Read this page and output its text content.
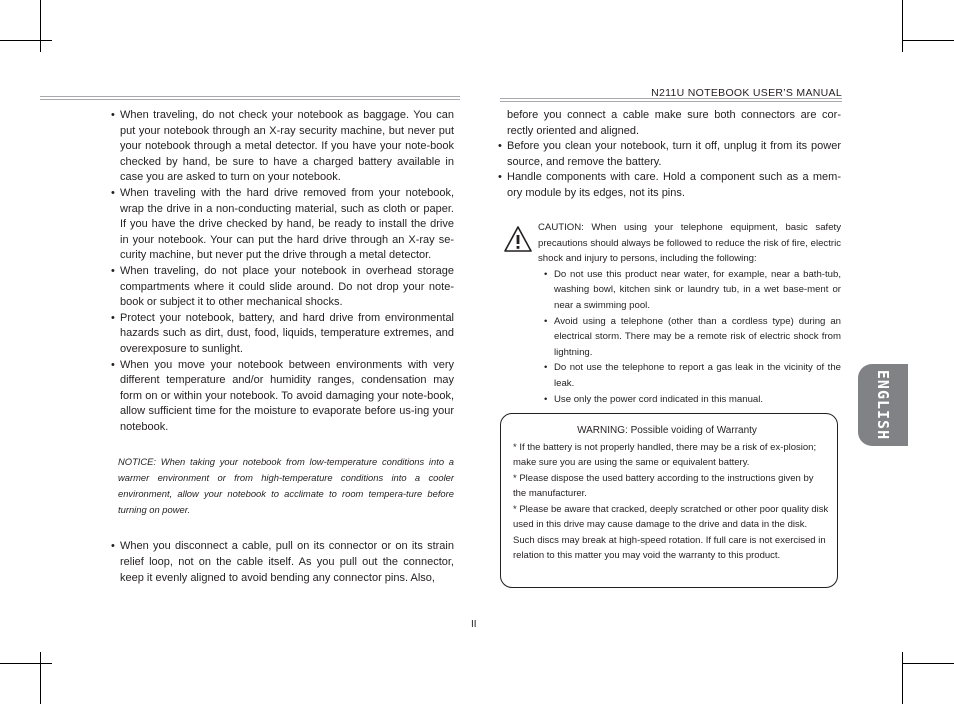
N211U NOTEBOOK USER’S MANUAL

• When traveling, do not check your notebook as baggage. You can put your notebook through an X-ray security machine, but never put your notebook through a metal detector. If you have your note-book checked by hand, be sure to have a charged battery available in case you are asked to turn on your notebook.

• When traveling with the hard drive removed from your notebook, wrap the drive in a non-conducting material, such as cloth or paper. If you have the drive checked by hand, be ready to install the drive in your notebook. Your can put the hard drive through an X-ray se-curity machine, but never put the drive through a metal detector.

• When traveling, do not place your notebook in overhead storage compartments where it could slide around. Do not drop your note-book or subject it to other mechanical shocks.

• Protect your notebook, battery, and hard drive from environmental hazards such as dirt, dust, food, liquids, temperature extremes, and overexposure to sunlight.

• When you move your notebook between environments with very different temperature and/or humidity ranges, condensation may form on or within your notebook. To avoid damaging your note-book, allow sufficient time for the moisture to evaporate before us-ing your notebook.

NOTICE: When taking your notebook from low-temperature conditions into a warmer environment or from high-temperature conditions into a cooler environment, allow your notebook to acclimate to room tempera-ture before turning on power.

• When you disconnect a cable, pull on its connector or on its strain relief loop, not on the cable itself. As you pull out the connector, keep it evenly aligned to avoid bending any connector pins. Also,

before you connect a cable make sure both connectors are cor-rectly oriented and aligned.

• Before you clean your notebook, turn it off, unplug it from its power source, and remove the battery.

• Handle components with care. Hold a component such as a mem-ory module by its edges, not its pins.

CAUTION: When using your telephone equipment, basic safety precautions should always be followed to reduce the risk of fire, electric shock and injury to persons, including the following:
• Do not use this product near water, for example, near a bath-tub, washing bowl, kitchen sink or laundry tub, in a wet base-ment or near a swimming pool.
• Avoid using a telephone (other than a cordless type) during an electrical storm. There may be a remote risk of electric shock from lightning.
• Do not use the telephone to report a gas leak in the vicinity of the leak.
• Use only the power cord indicated in this manual.
WARNING: Possible voiding of Warranty

* If the battery is not properly handled, there may be a risk of ex-plosion; make sure you are using the same or equivalent battery.

* Please dispose the used battery according to the instructions given by the manufacturer.

* Please be aware that cracked, deeply scratched or other poor quality disk used in this drive may cause damage to the drive and data in the disk. Such discs may break at high-speed rotation. If full care is not exercised in relation to this matter you may void the warranty to this product.

ENGLISH
II
